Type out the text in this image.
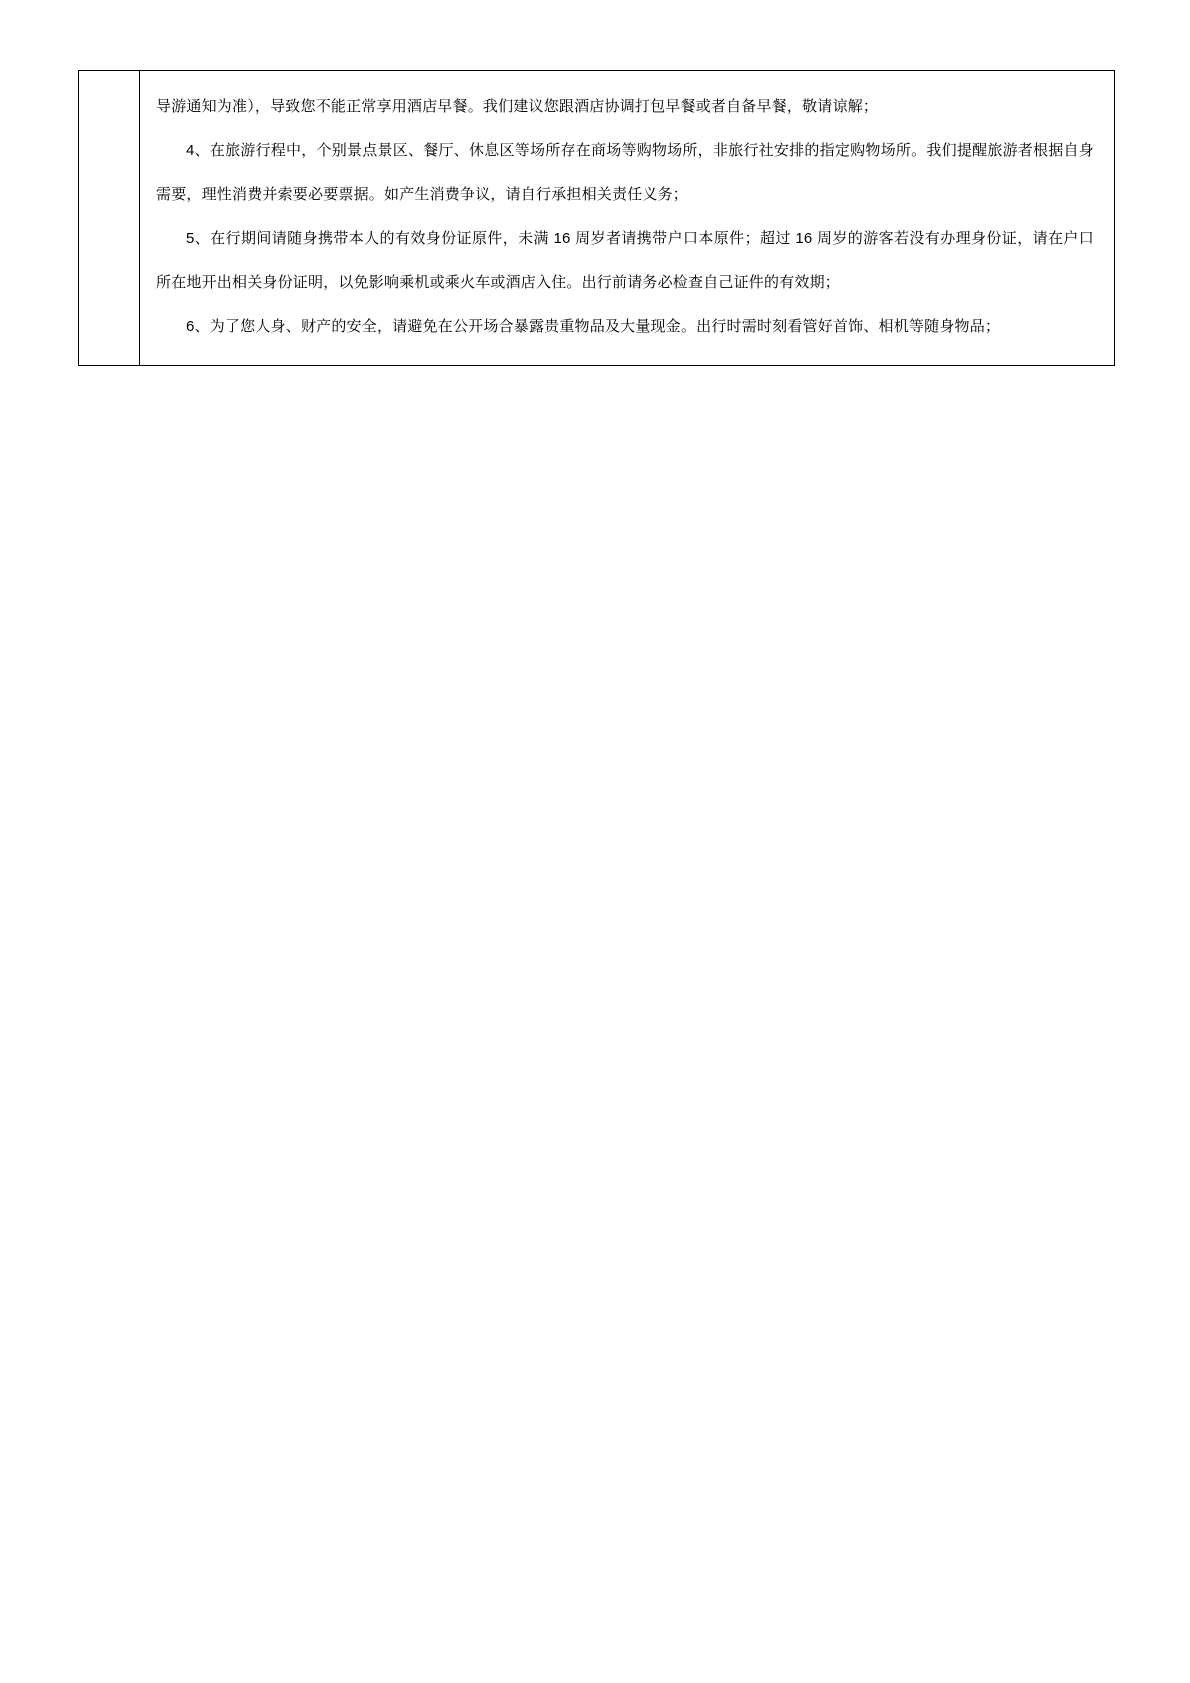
导游通知为准），导致您不能正常享用酒店早餐。我们建议您跟酒店协调打包早餐或者自备早餐，敬请谅解；

4、在旅游行程中，个别景点景区、餐厅、休息区等场所存在商场等购物场所，非旅行社安排的指定购物场所。我们提醒旅游者根据自身需要，理性消费并索要必要票据。如产生消费争议，请自行承担相关责任义务；

5、在行期间请随身携带本人的有效身份证原件，未满 16 周岁者请携带户口本原件；超过 16 周岁的游客若没有办理身份证，请在户口所在地开出相关身份证明，以免影响乘机或乘火车或酒店入住。出行前请务必检查自己证件的有效期；

6、为了您人身、财产的安全，请避免在公开场合暴露贵重物品及大量现金。出行时需时刻看管好首饰、相机等随身物品；
